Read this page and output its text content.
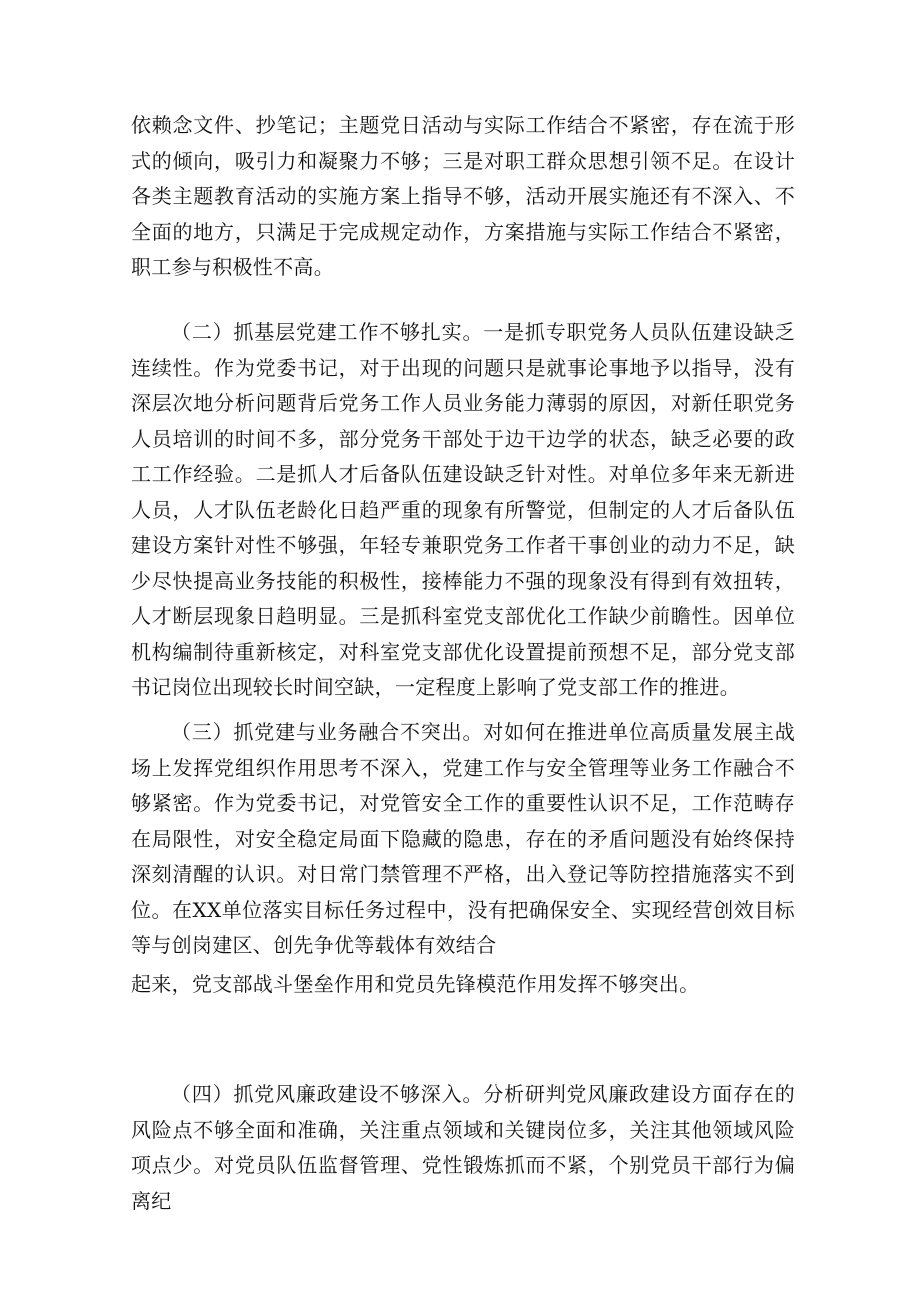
依赖念文件、抄笔记；主题党日活动与实际工作结合不紧密，存在流于形式的倾向，吸引力和凝聚力不够；三是对职工群众思想引领不足。在设计各类主题教育活动的实施方案上指导不够，活动开展实施还有不深入、不全面的地方，只满足于完成规定动作，方案措施与实际工作结合不紧密，职工参与积极性不高。

（二）抓基层党建工作不够扎实。一是抓专职党务人员队伍建设缺乏连续性。作为党委书记，对于出现的问题只是就事论事地予以指导，没有深层次地分析问题背后党务工作人员业务能力薄弱的原因，对新任职党务人员培训的时间不多，部分党务干部处于边干边学的状态，缺乏必要的政工工作经验。二是抓人才后备队伍建设缺乏针对性。对单位多年来无新进人员，人才队伍老龄化日趋严重的现象有所警觉，但制定的人才后备队伍建设方案针对性不够强，年轻专兼职党务工作者干事创业的动力不足，缺少尽快提高业务技能的积极性，接棒能力不强的现象没有得到有效扭转，人才断层现象日趋明显。三是抓科室党支部优化工作缺少前瞻性。因单位机构编制待重新核定，对科室党支部优化设置提前预想不足，部分党支部书记岗位出现较长时间空缺，一定程度上影响了党支部工作的推进。

（三）抓党建与业务融合不突出。对如何在推进单位高质量发展主战场上发挥党组织作用思考不深入，党建工作与安全管理等业务工作融合不够紧密。作为党委书记，对党管安全工作的重要性认识不足，工作范畴存在局限性，对安全稳定局面下隐藏的隐患，存在的矛盾问题没有始终保持深刻清醒的认识。对日常门禁管理不严格，出入登记等防控措施落实不到位。在XX单位落实目标任务过程中，没有把确保安全、实现经营创效目标等与创岗建区、创先争优等载体有效结合

起来，党支部战斗堡垒作用和党员先锋模范作用发挥不够突出。

（四）抓党风廉政建设不够深入。分析研判党风廉政建设方面存在的风险点不够全面和准确，关注重点领域和关键岗位多，关注其他领域风险项点少。对党员队伍监督管理、党性锻炼抓而不紧，个别党员干部行为偏离纪
